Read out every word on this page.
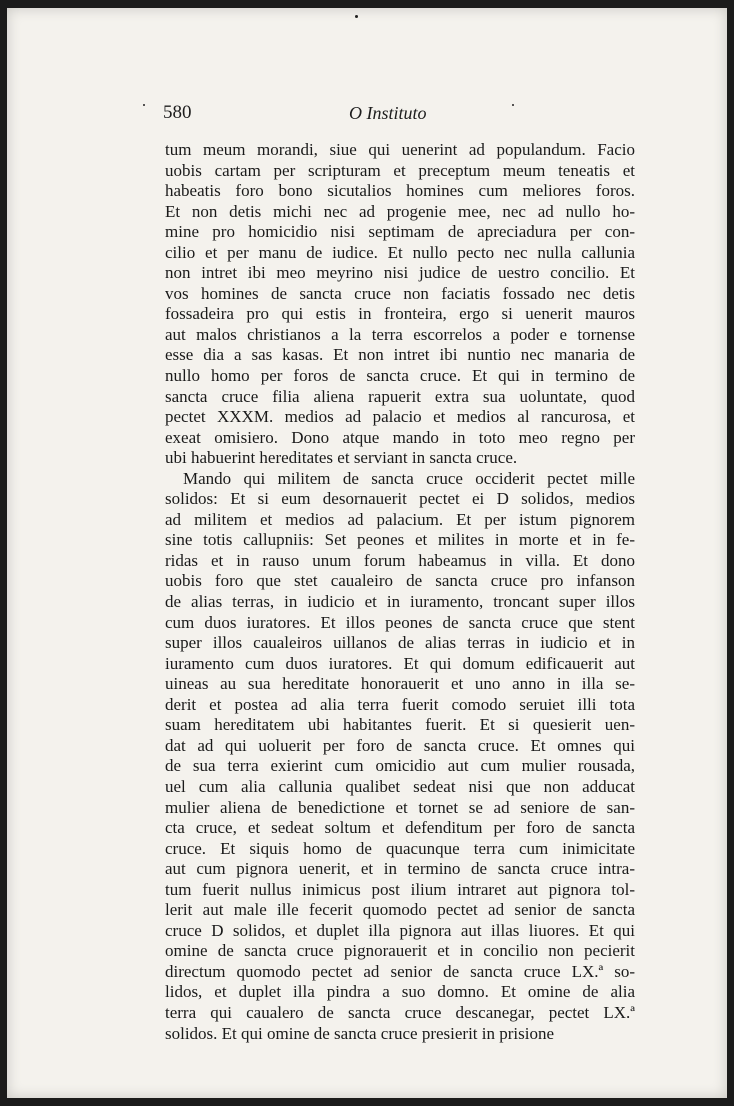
580	O Instituto
tum meum morandi, siue qui uenerint ad populandum. Facio
uobis cartam per scripturam et preceptum meum teneatis et
habeatis foro bono sicutalios homines cum meliores foros.
Et non detis michi nec ad progenie mee, nec ad nullo ho-
mine pro homicidio nisi septimam de apreciadura per con-
cilio et per manu de iudice. Et nullo pecto nec nulla callunia
non intret ibi meo meyrino nisi judice de uestro concilio. Et
vos homines de sancta cruce non faciatis fossado nec detis
fossadeira pro qui estis in fronteira, ergo si uenerit mauros
aut malos christianos a la terra escorrelos a poder e tornense
esse dia a sas kasas. Et non intret ibi nuntio nec manaria de
nullo homo per foros de sancta cruce. Et qui in termino de
sancta cruce filia aliena rapuerit extra sua uoluntate, quod
pectet XXXM. medios ad palacio et medios al rancurosa, et
exeat omisiero. Dono atque mando in toto meo regno per
ubi habuerint hereditates et serviant in sancta cruce.
Mando qui militem de sancta cruce occiderit pectet mille
solidos: Et si eum desornauerit pectet ei D solidos, medios
ad militem et medios ad palacium. Et per istum pignorem
sine totis callupniis: Set peones et milites in morte et in fe-
ridas et in rauso unum forum habeamus in villa. Et dono
uobis foro que stet caualeiro de sancta cruce pro infanson
de alias terras, in iudicio et in iuramento, troncant super illos
cum duos iuratores. Et illos peones de sancta cruce que stent
super illos caualeiros uillanos de alias terras in iudicio et in
iuramento cum duos iuratores. Et qui domum edificauerit aut
uineas au sua hereditate honorauerit et uno anno in illa se-
derit et postea ad alia terra fuerit comodo seruiet illi tota
suam hereditatem ubi habitantes fuerit. Et si quesierit uen-
dat ad qui uoluerit per foro de sancta cruce. Et omnes qui
de sua terra exierint cum omicidio aut cum mulier rousada,
uel cum alia callunia qualibet sedeat nisi que non adducat
mulier aliena de benedictione et tornet se ad seniore de san-
cta cruce, et sedeat soltum et defenditum per foro de sancta
cruce. Et siquis homo de quacunque terra cum inimicitate
aut cum pignora uenerit, et in termino de sancta cruce intra-
tum fuerit nullus inimicus post ilium intraret aut pignora tol-
lerit aut male ille fecerit quomodo pectet ad senior de sancta
cruce D solidos, et duplet illa pignora aut illas liuores. Et qui
omine de sancta cruce pignorauerit et in concilio non pecierit
directum quomodo pectet ad senior de sancta cruce LX.ª so-
lidos, et duplet illa pindra a suo domno. Et omine de alia
terra qui caualero de sancta cruce descanegar, pectet LX.ª
solidos. Et qui omine de sancta cruce presierit in prisione
